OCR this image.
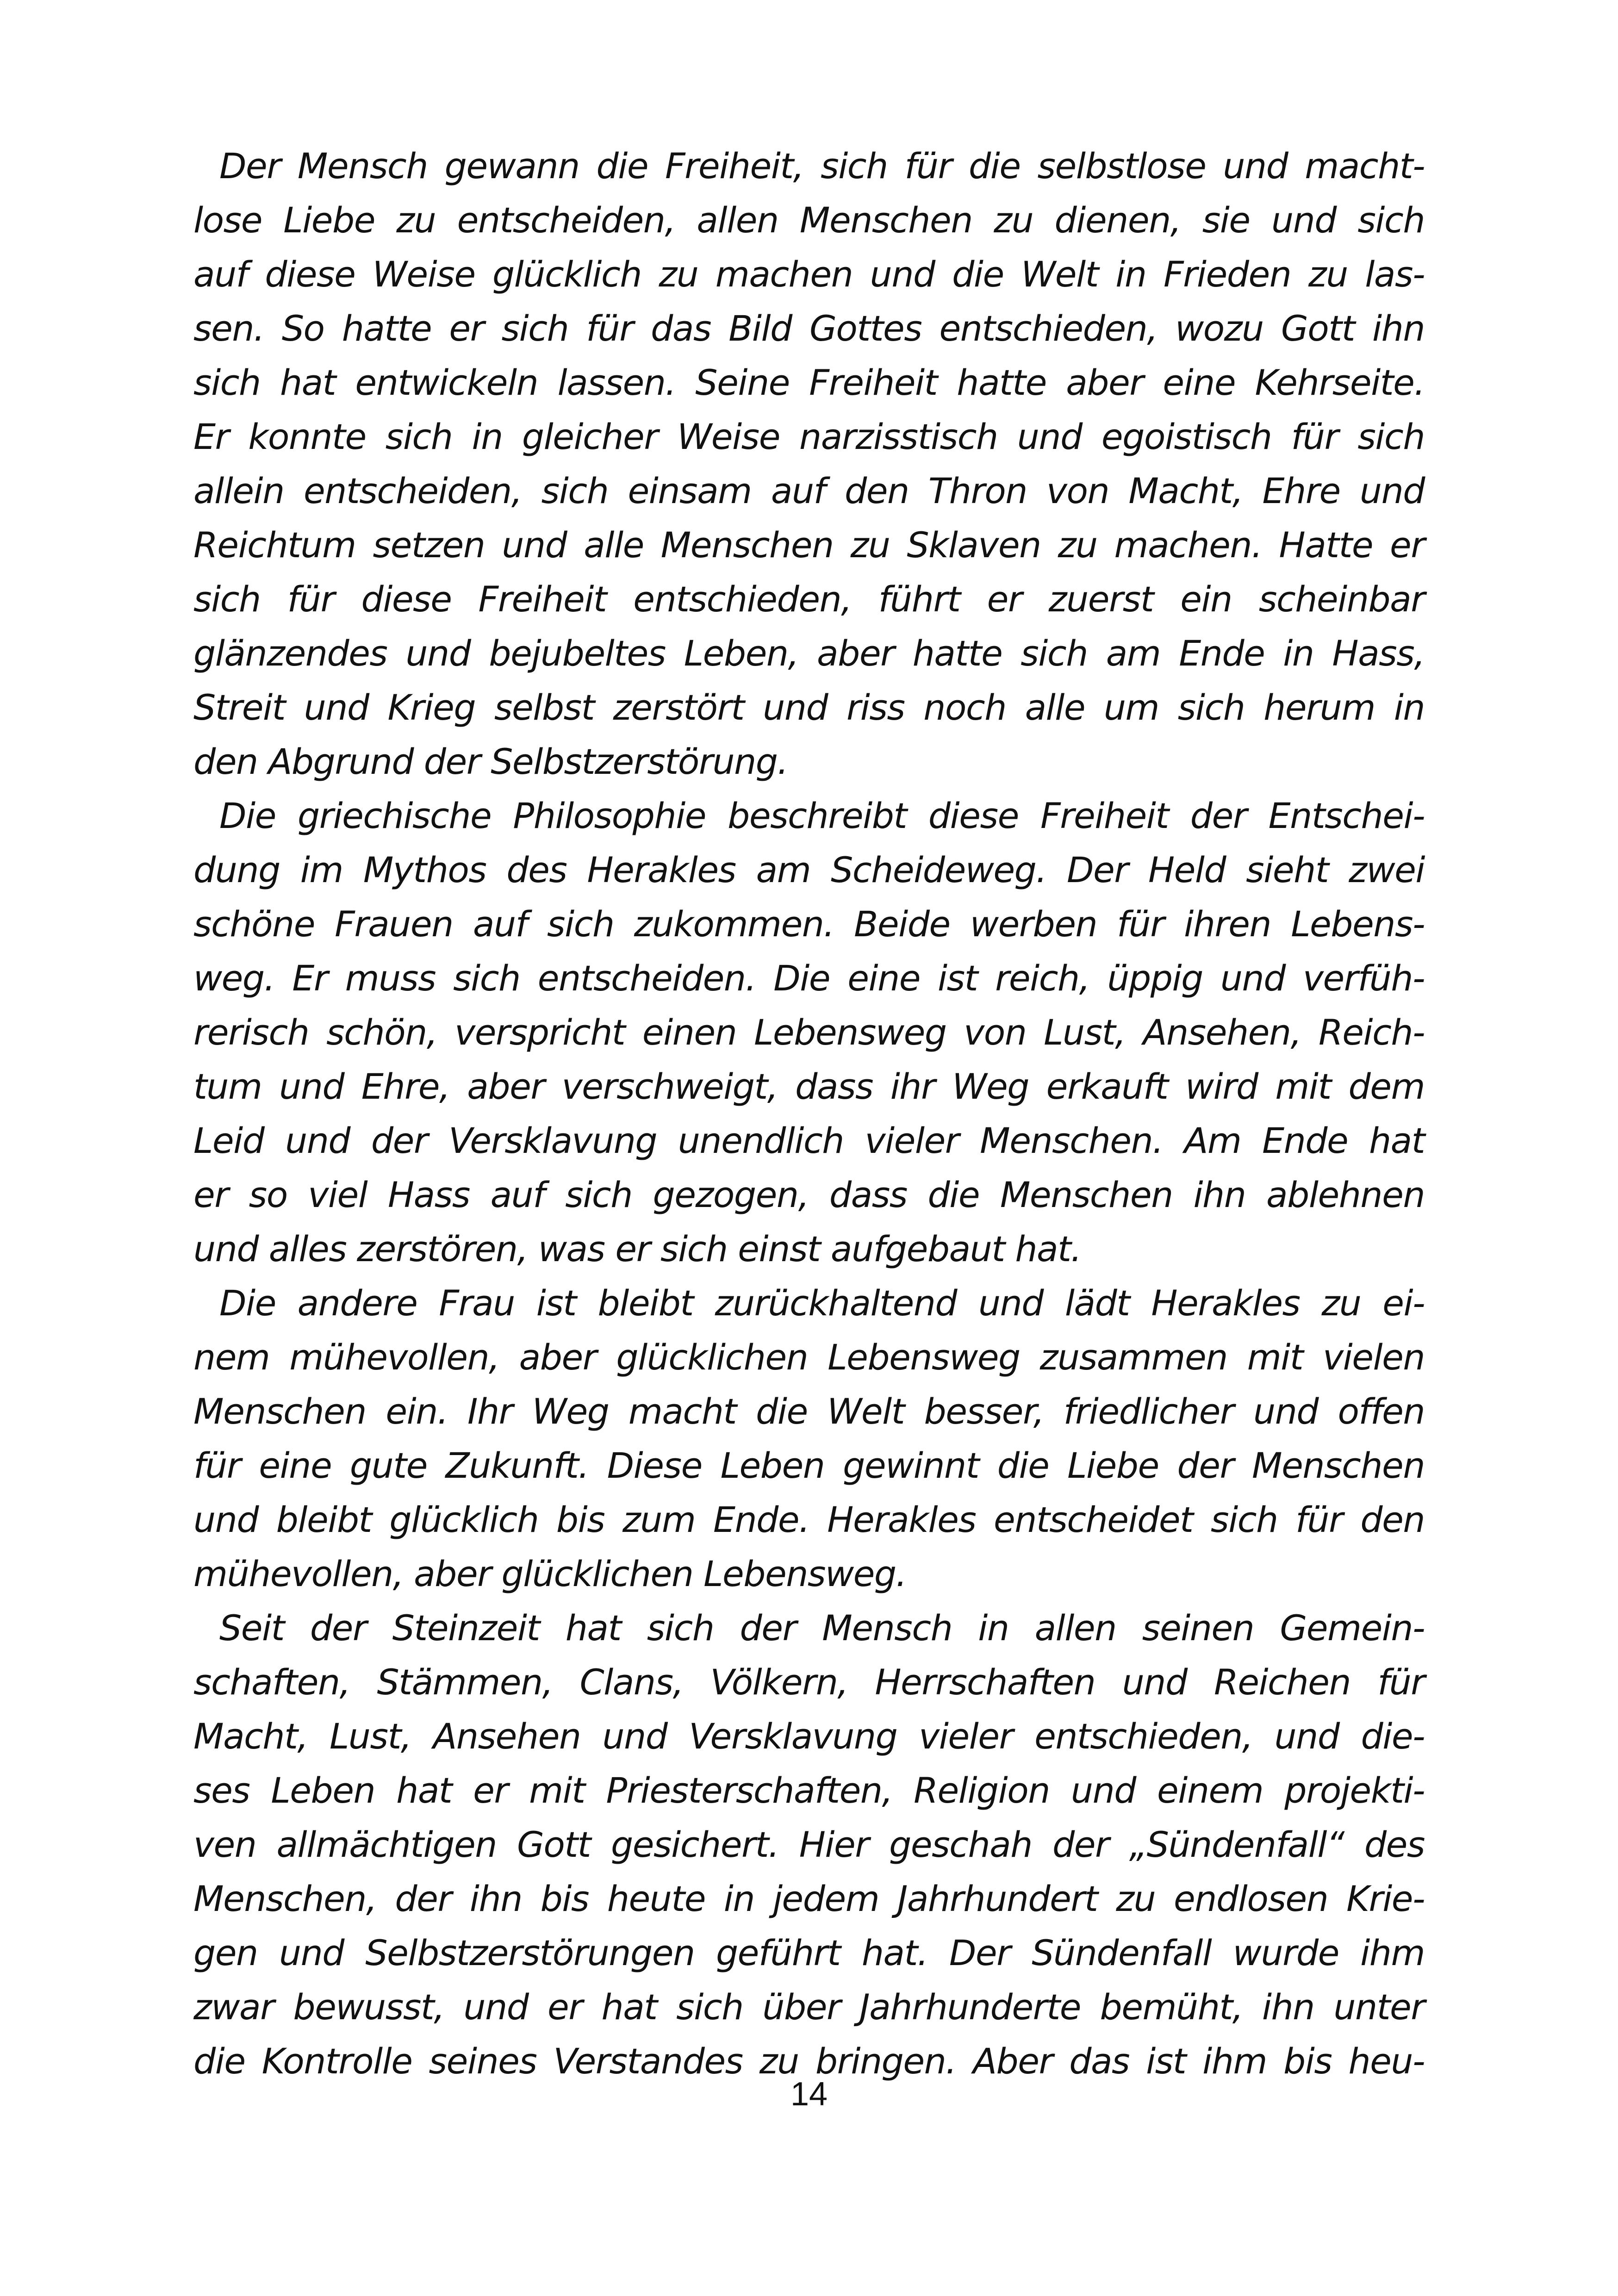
Der Mensch gewann die Freiheit, sich für die selbstlose und macht-
lose Liebe zu entscheiden, allen Menschen zu dienen, sie und sich
auf diese Weise glücklich zu machen und die Welt in Frieden zu las-
sen. So hatte er sich für das Bild Gottes entschieden, wozu Gott ihn
sich hat entwickeln lassen. Seine Freiheit hatte aber eine Kehrseite.
Er konnte sich in gleicher Weise narzisstisch und egoistisch für sich
allein entscheiden, sich einsam auf den Thron von Macht, Ehre und
Reichtum setzen und alle Menschen zu Sklaven zu machen. Hatte er
sich für diese Freiheit entschieden, führt er zuerst ein scheinbar
glänzendes und bejubeltes Leben, aber hatte sich am Ende in Hass,
Streit und Krieg selbst zerstört und riss noch alle um sich herum in
den Abgrund der Selbstzerstörung.
Die griechische Philosophie beschreibt diese Freiheit der Entschei-
dung im Mythos des Herakles am Scheideweg. Der Held sieht zwei
schöne Frauen auf sich zukommen. Beide werben für ihren Lebens-
weg. Er muss sich entscheiden. Die eine ist reich, üppig und verfüh-
rerisch schön, verspricht einen Lebensweg von Lust, Ansehen, Reich-
tum und Ehre, aber verschweigt, dass ihr Weg erkauft wird mit dem
Leid und der Versklavung unendlich vieler Menschen. Am Ende hat
er so viel Hass auf sich gezogen, dass die Menschen ihn ablehnen
und alles zerstören, was er sich einst aufgebaut hat.
Die andere Frau ist bleibt zurückhaltend und lädt Herakles zu ei-
nem mühevollen, aber glücklichen Lebensweg zusammen mit vielen
Menschen ein. Ihr Weg macht die Welt besser, friedlicher und offen
für eine gute Zukunft. Diese Leben gewinnt die Liebe der Menschen
und bleibt glücklich bis zum Ende. Herakles entscheidet sich für den
mühevollen, aber glücklichen Lebensweg.
Seit der Steinzeit hat sich der Mensch in allen seinen Gemein-
schaften, Stämmen, Clans, Völkern, Herrschaften und Reichen für
Macht, Lust, Ansehen und Versklavung vieler entschieden, und die-
ses Leben hat er mit Priesterschaften, Religion und einem projekti-
ven allmächtigen Gott gesichert. Hier geschah der „Sündenfall“ des
Menschen, der ihn bis heute in jedem Jahrhundert zu endlosen Krie-
gen und Selbstzerstörungen geführt hat. Der Sündenfall wurde ihm
zwar bewusst, und er hat sich über Jahrhunderte bemüht, ihn unter
die Kontrolle seines Verstandes zu bringen. Aber das ist ihm bis heu-
14
